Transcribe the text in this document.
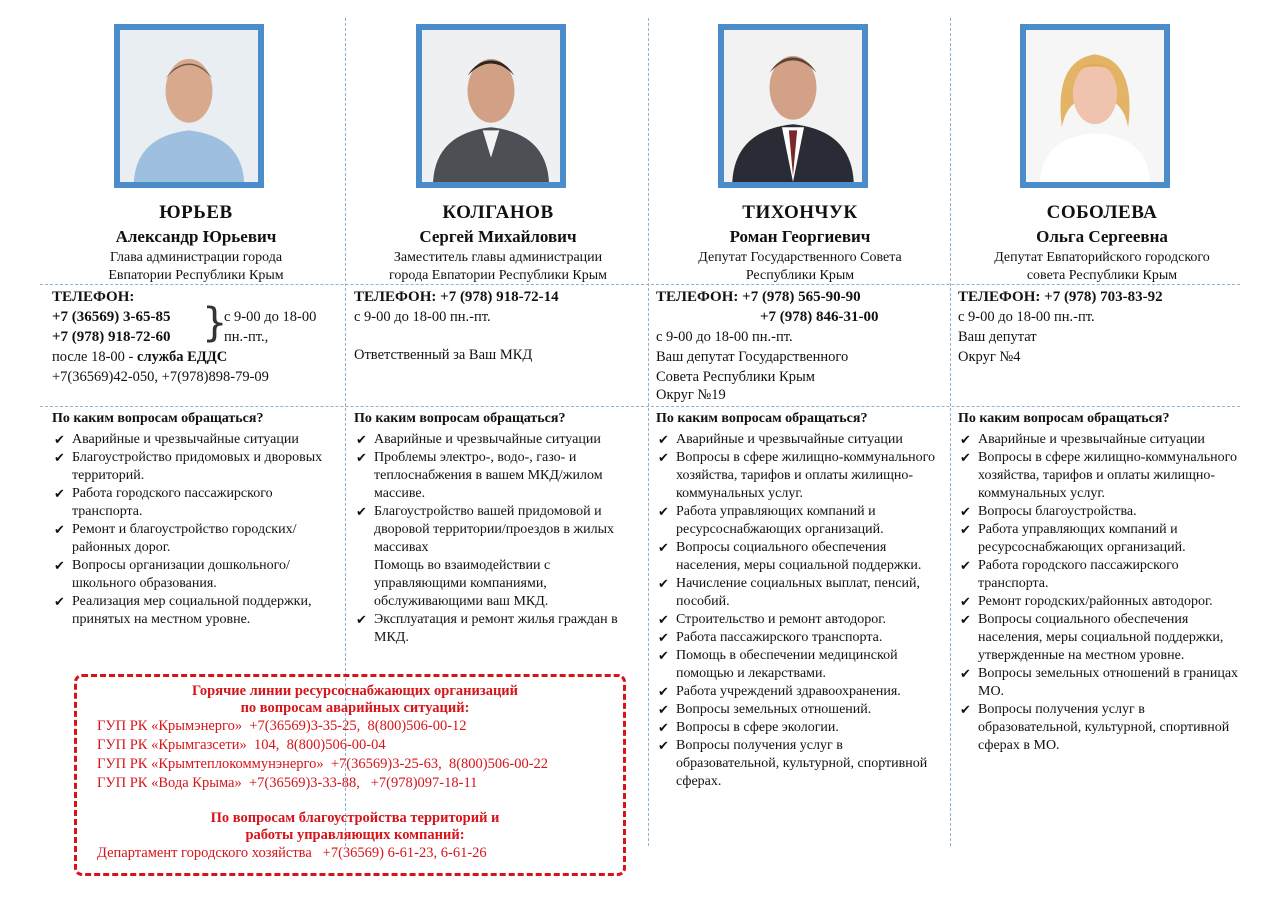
ЮРЬЕВ
Александр Юрьевич
Глава администрации города
Евпатории Республики Крым
ТЕЛЕФОН:
+7 (36569) 3-65-85
+7 (978) 918-72-60 }
с 9-00 до 18-00
пн.-пт.,
после 18-00 - служба ЕДДС
+7(36569)42-050, +7(978)898-79-09
По каким вопросам обращаться?
✔ Аварийные и чрезвычайные ситуации
✔ Благоустройство придомовых и дворовых территорий.
✔ Работа городского пассажирского транспорта.
✔ Ремонт и благоустройство городских/районных дорог.
✔ Вопросы организации дошкольного/школьного образования.
✔ Реализация мер социальной поддержки, принятых на местном уровне.
КОЛГАНОВ
Сергей Михайлович
Заместитель главы администрации
города Евпатории Республики Крым
ТЕЛЕФОН: +7 (978) 918-72-14
с 9-00 до 18-00 пн.-пт.
Ответственный за Ваш МКД
По каким вопросам обращаться?
✔ Аварийные и чрезвычайные ситуации
✔ Проблемы электро-, водо-, газо- и теплоснабжения в вашем МКД/жилом массиве.
✔ Благоустройство вашей придомовой и дворовой территории/проездов в жилых массивах
Помощь во взаимодействии с управляющими компаниями, обслуживающими ваш МКД.
✔ Эксплуатация и ремонт жилья граждан в МКД.
ТИХОНЧУК
Роман Георгиевич
Депутат Государственного Совета
Республики Крым
ТЕЛЕФОН: +7 (978) 565-90-90
+7 (978) 846-31-00
с 9-00 до 18-00 пн.-пт.
Ваш депутат Государственного
Совета Республики Крым
Округ №19
По каким вопросам обращаться?
✔ Аварийные и чрезвычайные ситуации
✔ Вопросы в сфере жилищно-коммунального хозяйства, тарифов и оплаты жилищно-коммунальных услуг.
✔ Работа управляющих компаний и ресурсоснабжающих организаций.
✔ Вопросы социального обеспечения населения, меры социальной поддержки.
✔ Начисление социальных выплат, пенсий, пособий.
✔ Строительство и ремонт автодорог.
✔ Работа пассажирского транспорта.
✔ Помощь в обеспечении медицинской помощью и лекарствами.
✔ Работа учреждений здравоохранения.
✔ Вопросы земельных отношений.
✔ Вопросы в сфере экологии.
✔ Вопросы получения услуг в образовательной, культурной, спортивной сферах.
СОБОЛЕВА
Ольга Сергеевна
Депутат Евпаторийского городского
совета Республики Крым
ТЕЛЕФОН: +7 (978) 703-83-92
с 9-00 до 18-00 пн.-пт.
Ваш депутат
Округ №4
По каким вопросам обращаться?
✔ Аварийные и чрезвычайные ситуации
✔ Вопросы в сфере жилищно-коммунального хозяйства, тарифов и оплаты жилищно-коммунальных услуг.
✔ Вопросы благоустройства.
✔ Работа управляющих компаний и ресурсоснабжающих организаций.
✔ Работа городского пассажирского транспорта.
✔ Ремонт городских/районных автодорог.
✔ Вопросы социального обеспечения населения, меры социальной поддержки, утвержденные на местном уровне.
✔ Вопросы земельных отношений в границах МО.
✔ Вопросы получения услуг в образовательной, культурной, спортивной сферах в МО.
Горячие линии ресурсоснабжающих организаций
по вопросам аварийных ситуаций:
ГУП РК «Крымэнерго»  +7(36569)3-35-25,  8(800)506-00-12
ГУП РК «Крымгазсети»  104,  8(800)506-00-04
ГУП РК «Крымтеплокоммунэнерго»  +7(36569)3-25-63,  8(800)506-00-22
ГУП РК «Вода Крыма»  +7(36569)3-33-88,   +7(978)097-18-11
По вопросам благоустройства территорий и
работы управляющих компаний:
Департамент городского хозяйства   +7(36569) 6-61-23, 6-61-26
